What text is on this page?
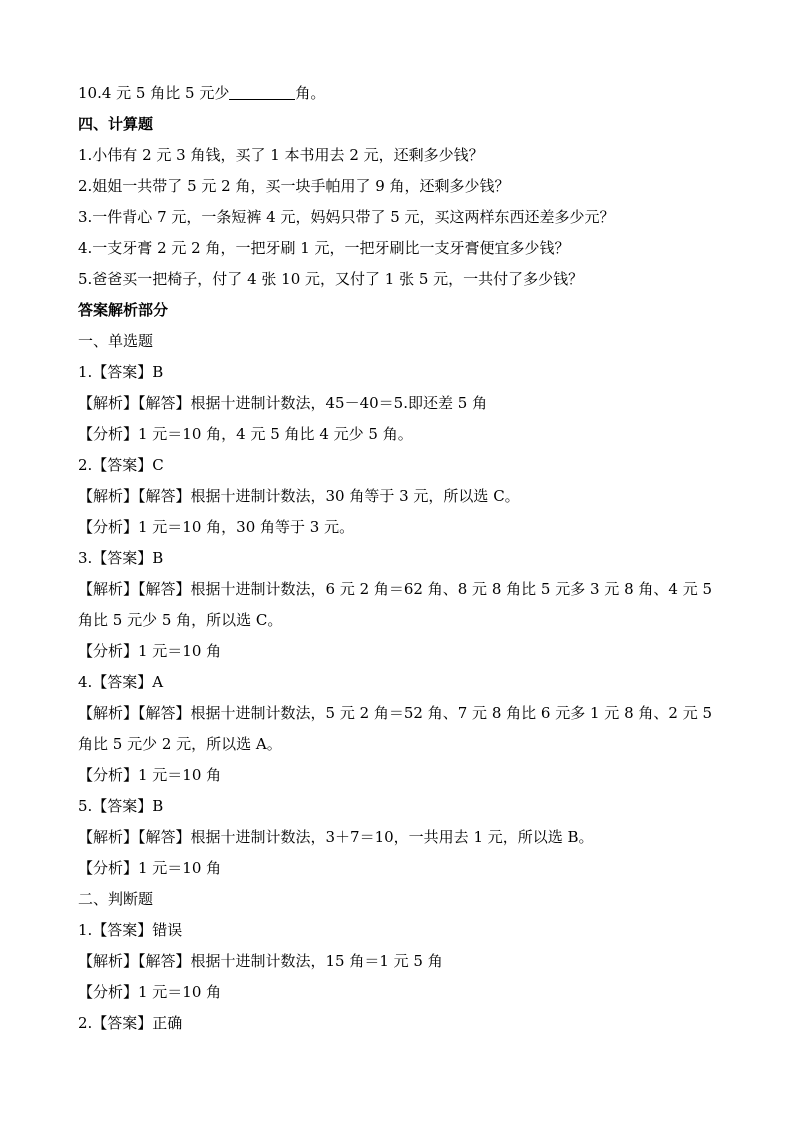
10.4 元 5 角比 5 元少	角。
四、计算题
1.小伟有 2 元 3 角钱，买了 1 本书用去 2 元，还剩多少钱？
2.姐姐一共带了 5 元 2 角，买一块手帕用了 9 角，还剩多少钱？
3.一件背心 7 元，一条短裤 4 元，妈妈只带了 5 元，买这两样东西还差多少元？
4.一支牙膏 2 元 2 角，一把牙刷 1 元，一把牙刷比一支牙膏便宜多少钱？
5.爸爸买一把椅子，付了 4 张 10 元，又付了 1 张 5 元，一共付了多少钱？
答案解析部分
一、单选题
1.【答案】B
【解析】【解答】根据十进制计数法，45－40＝5.即还差 5 角
【分析】1 元＝10 角，4 元 5 角比 4 元少 5 角。
2.【答案】C
【解析】【解答】根据十进制计数法，30 角等于 3 元，所以选 C。
【分析】1 元＝10 角，30 角等于 3 元。
3.【答案】B
【解析】【解答】根据十进制计数法，6 元 2 角＝62 角、8 元 8 角比 5 元多 3 元 8 角、4 元 5 角比 5 元少 5 角，所以选 C。
【分析】1 元＝10 角
4.【答案】A
【解析】【解答】根据十进制计数法，5 元 2 角＝52 角、7 元 8 角比 6 元多 1 元 8 角、2 元 5 角比 5 元少 2 元，所以选 A。
【分析】1 元＝10 角
5.【答案】B
【解析】【解答】根据十进制计数法，3＋7＝10，一共用去 1 元，所以选 B。
【分析】1 元＝10 角
二、判断题
1.【答案】错误
【解析】【解答】根据十进制计数法，15 角＝1 元 5 角
【分析】1 元＝10 角
2.【答案】正确
